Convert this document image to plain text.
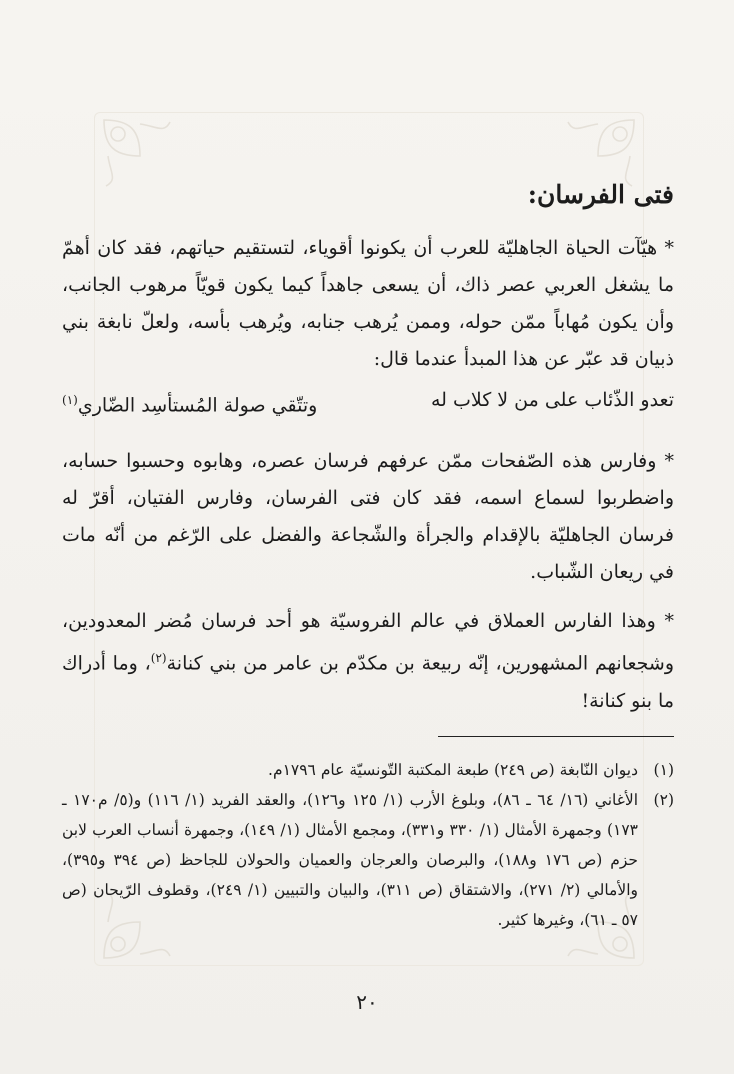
فتى الفرسان:

* هيّآت الحياة الجاهليّة للعرب أن يكونوا أقوياء، لتستقيم حياتهم، فقد كان أهمّ ما يشغل العربي عصر ذاك، أن يسعى جاهداً كيما يكون قويّاً مرهوب الجانب، وأن يكون مُهاباً ممّن حوله، وممن يُرهب جنابه، ويُرهب بأسه، ولعلّ نابغة بني ذبيان قد عبّر عن هذا المبدأ عندما قال:

تعدو الذّئاب على من لا كلاب له
وتتّقي صولة المُستأسِد الضّاري$^{(١)}$

* وفارس هذه الصّفحات ممّن عرفهم فرسان عصره، وهابوه وحسبوا حسابه، واضطربوا لسماع اسمه، فقد كان فتى الفرسان، وفارس الفتيان، أقرّ له فرسان الجاهليّة بالإقدام والجرأة والشّجاعة والفضل على الرّغم من أنّه مات في ريعان الشّباب.

* وهذا الفارس العملاق في عالم الفروسيّة هو أحد فرسان مُضر المعدودين، وشجعانهم المشهورين، إنّه ربيعة بن مكدّم بن عامر من بني كنانة$^{(٢)}$، وما أدراك ما بنو كنانة!

(١)
ديوان النّابغة (ص ٢٤٩) طبعة المكتبة التّونسيّة عام ١٧٩٦م.

(٢)
الأغاني (١٦/ ٦٤ ـ ٨٦)، وبلوغ الأرب (١/ ١٢٥ و١٢٦)، والعقد الفريد (١/ ١١٦) و(٥/ م١٧٠ ـ ١٧٣) وجمهرة الأمثال (١/ ٣٣٠ و٣٣١)، ومجمع الأمثال (١/ ١٤٩)، وجمهرة أنساب العرب لابن حزم (ص ١٧٦ و١٨٨)، والبرصان والعرجان والعميان والحولان للجاحظ (ص ٣٩٤ و٣٩٥)، والأمالي (٢/ ٢٧١)، والاشتقاق (ص ٣١١)، والبيان والتبيين (١/ ٢٤٩)، وقطوف الرّيحان (ص ٥٧ ـ ٦١)، وغيرها كثير.

٢٠
